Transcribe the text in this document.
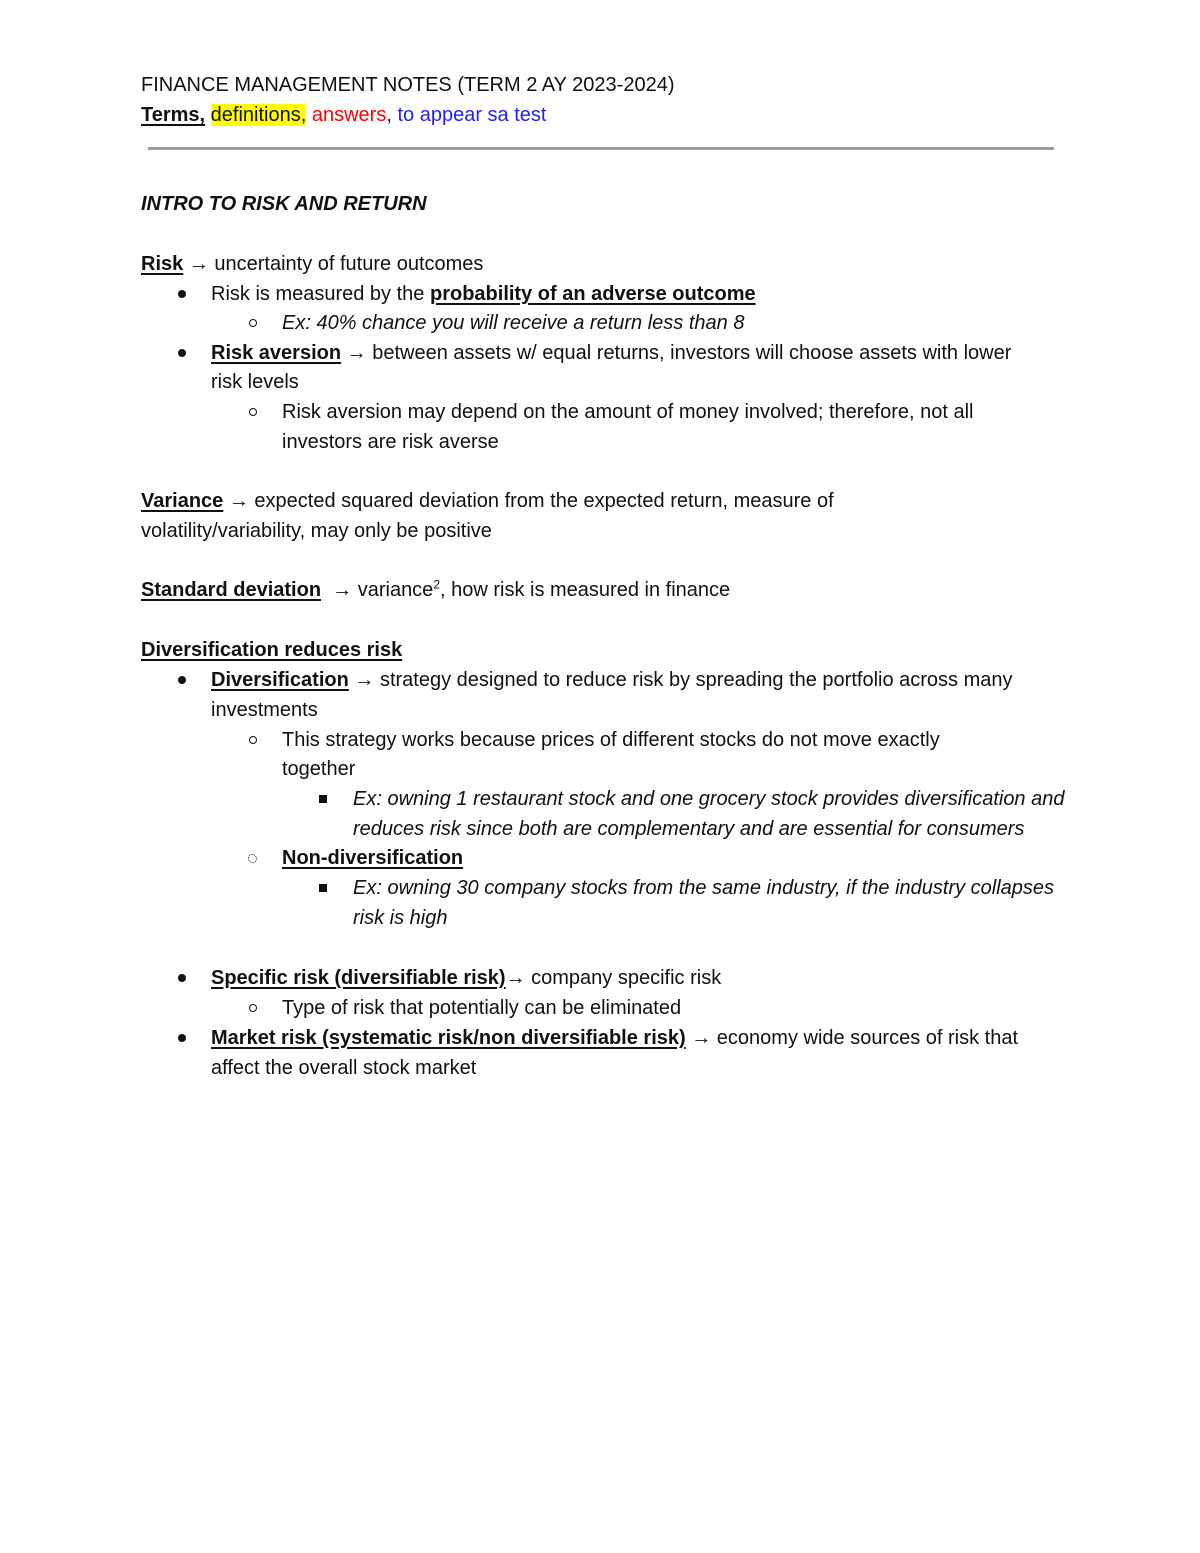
FINANCE MANAGEMENT NOTES (TERM 2 AY 2023-2024)
Terms, definitions, answers, to appear sa test
INTRO TO RISK AND RETURN
Risk → uncertainty of future outcomes
Risk is measured by the probability of an adverse outcome
Ex: 40% chance you will receive a return less than 8
Risk aversion → between assets w/ equal returns, investors will choose assets with lower
risk levels
Risk aversion may depend on the amount of money involved; therefore, not all
investors are risk averse
Variance → expected squared deviation from the expected return, measure of
volatility/variability, may only be positive
Standard deviation → variance$^2$, how risk is measured in finance
Diversification reduces risk
Diversification → strategy designed to reduce risk by spreading the portfolio across many
investments
This strategy works because prices of different stocks do not move exactly
together
Ex: owning 1 restaurant stock and one grocery stock provides diversification and
reduces risk since both are complementary and are essential for consumers
Non-diversification
Ex: owning 30 company stocks from the same industry, if the industry collapses
risk is high
Specific risk (diversifiable risk)→ company specific risk
Type of risk that potentially can be eliminated
Market risk (systematic risk/non diversifiable risk) → economy wide sources of risk that
affect the overall stock market
